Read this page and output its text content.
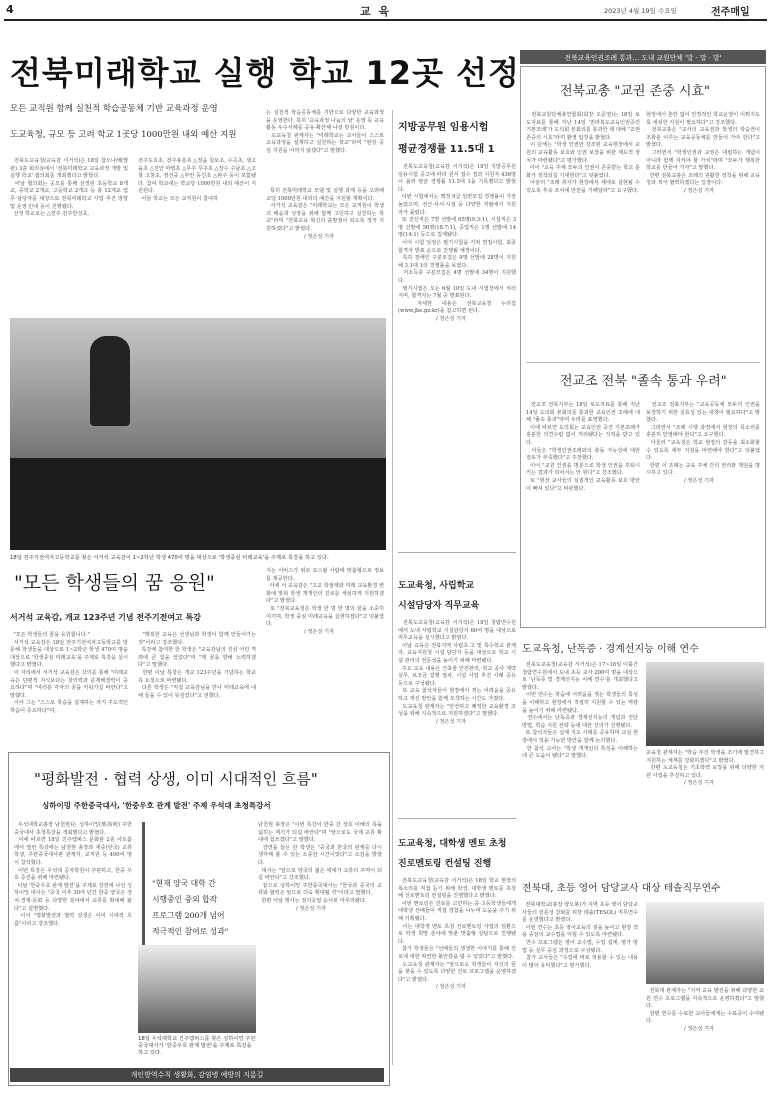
4	교 육	2023년 4월 19일 수요일	전주매일
전북미래학교 실행 학교 12곳 선정
모든 교직원 함께 실천적 학습공동체 기반 교육과정 운영
도교육청, 규모 등 고려 학교 1곳당 1000만원 내외 예산 지원
전북도교육청(교육감 서거석)은 18일 참으나래(별관) 3층 회의실에서 '전북미래학교 교육과정 개발 및 실행 학교' 협의회를 개최했다고 밝혔다.
이날 협의회는 공모를 통해 선정된 초등학교 8개교, 중학교 2개교, 고등학교 2개교 등 총 12개교 업무 담당자를 대상으로 전북미래학교 사업 추진 방향 및 운영 안내 등이 진행됐다.
선정 학교로는 △전주 전주반성초,
전주도호초, 전주용흥초 △정읍 칠보초, 수곡초, 샘고을초 △진안 마령초 △무주 무주초 △장수 수남초 △고창 고창초, 영선중 △부안 동진초 △완주 등이 포함됐다. 참여 학교에는 학교당 1000만원 내외 예산이 지원된다.
이들 학교는 모든 교직원이 참여하
는 실천적 학습공동체를 기반으로 다양한 교육과정을 운영한다. 특히 '교육과정 나눔의 날' 운영 등 교육활동 우수사례를 공유·확산해 나갈 방침이다.
도교육청 관계자는 "미래학교는 교사들이 스스로 교육과정을 설계하고 실천하는 학교"라며 "현장 중심 지원을 아끼지 않겠다"고 말했다.
특히 전북미래학교 모델 및 실행 과제 등을 고려해 교당 1000만원 내외의 예산을 지원할 계획이다.
서거석 교육감은 "미래학교는 모든 교직원이 학생의 배움과 성장을 위해 함께 고민하고 실천하는 학교"라며 "전북교육 혁신의 출발점이 되도록 적극 지원하겠다"고 밝혔다.
/ 정은성 기자
18일 전주기전여자고등학교를 찾은 서거석 교육감이 1~2학년 학생 470여 명을 대상으로 '학생중심 미래교육'을 주제로 특강을 하고 있다.
"모든 학생들의 꿈 응원"
서거석 교육감, 개교 123주년 기념 전주기전여고 특강
"모든 학생들의 꿈을 응원합니다."
서거석 교육감은 18일 전주기전여자고등학교를 방문해 학생들을 대상으로 1~2학년 학생 470여 명을 대상으로 '학생중심 미래교육'을 주제로 특강을 실시했다고 밝혔다.
이 자리에서 서거석 교육감은 강의를 통해 "미래교육은 단편적 지식보다는 창의력과 문제해결력이 중요하다"며 "여러분 각자의 꿈을 키워가길 바란다"고 말했다.
이어 그는 "스스로 학습을 설계하는 자기 주도적인 학습이 중요하다"며,
"행복한 교육은 선생님과 학생이 함께 만들어가는 것"이라고 강조했다.
특강에 참여한 한 학생은 "교육감님의 진심 어린 격려에 큰 힘을 얻었다"며 "제 꿈을 향해 노력하겠다"고 말했다.
한편 이날 특강은 개교 123주년을 기념하는 학교 측 요청으로 마련됐다.
다른 학생은 "직접 교육감님을 만나 미래교육에 대해 들을 수 있어 뜻깊었다"고 전했다.
지는 서비스가 위로 로스될 사람에 맞춤형으로 정보를 제공한다.
이에 서 교육감은 "고교 학점제와 미래 교육환경 변화에 맞춰 학생 개개인의 진로를 세심하게 지원하겠다"고 밝혔다.
또 "전북교육청은 학생 한 명 한 명의 꿈을 소중히 여기며, 학생 중심 미래교육을 실현하겠다"고 덧붙였다.
/ 정은성 기자
"평화발전 · 협력 상생, 이미 시대적인 흐름"
싱하이밍 주한중국대사, '한중우호 관계 발전' 주제 우석대 초청특강서
우석대학교총장 남천현)는 싱하이밍(邢海明) 주한중국대사 초청특강을 개최했다고 밝혔다.
이에 따르면 18일 진주캠퍼스 문화관 2층 아트홀에서 열린 특강에는 남천현 총장과 재중(한국) 교류학생, 주한중국대사관 관계자, 교직원 등 400여 명이 참석했다.
이번 특강은 우석대 공자학원이 주관하고, 한중 우호 증진을 위해 마련됐다.
이날 '한중우호 관계 발전'을 주제로 강연에 나선 싱하이밍 대사는 "중국 이후 30여 년간 한중 양국은 정치·경제·문화 등 다양한 분야에서 교류를 확대해 왔다"고 설명했다.
이어 "평화발전과 협력 상생은 이미 시대적 흐름"이라고 강조했다.
"현재 양국 대학 간
시행중인 중외 합작
프로그램 200개 넘어
적극적인 참여로 성과"
남천현 총장은 "이번 특강이 한중 간 상호 이해의 폭을 넓히는 계기가 되길 바란다"며 "앞으로도 국제 교류 확대에 힘쓰겠다"고 말했다.
강연을 들은 한 학생은 "중국과 한국의 관계를 다시 생각해 볼 수 있는 소중한 시간이었다"고 소감을 밝혔다.
대사는 "앞으로 양국의 젊은 세대가 교류의 주역이 되길 바란다"고 강조했다.
끝으로 싱하이밍 주한중국대사는 "한국과 중국의 교류와 협력은 앞으로 더욱 확대될 것"이라고 말했다.
한편 이날 행사는 질의응답 순서로 마무리됐다.
/ 정은성 기자
18일 우석대학교 진주캠퍼스를 찾은 싱하이밍 주한중국대사가 '한중우호 관계 발전'을 주제로 특강을 하고 있다.
개인방역수칙 생활화, 감염병 예방의 지름길
지방공무원 임용시험
평균경쟁률 11.5대 1
전북도교육청(교육감 서거석)은 18일 지방공무원 임용시험 공고에 따라 원서 접수 결과 지원자 436명이 몰려 평균 경쟁률 11.5대 1을 기록했다고 밝혔다.
이번 시험에서는 행정 9급 일반모집 경쟁률이 가장 높았으며, 전산·사서·시설 등 다양한 직렬에서 지원자가 몰렸다.
또 전산직은 7명 선발에 65명(9.3:1), 시설직은 3명 선발에 56명(18.7:1), 공업직은 1명 선발에 14명(14:1) 등으로 집계됐다.
이어 시험 일정은 필기시험을 거쳐 면접시험, 최종 합격자 발표 순으로 진행될 예정이다.
특히 장애인 구분모집은 9명 선발에 28명이 지원해 3.1대 1의 경쟁률을 보였다.
저소득층 구분모집은 4명 선발에 34명이 지원했다.
필기시험은 오는 6월 10일 도내 시험장에서 치러지며, 합격자는 7월 중 발표된다.
자세한 내용은 전북교육청 누리집(www.jbe.go.kr)을 참고하면 된다.
/ 정은성 기자
도교육청, 사립학교
시설담당자 직무교육
전북도교육청(교육감 서거석)은 18일 청람연수원에서 도내 사립학교 시설담당자 60여 명을 대상으로 직무교육을 실시했다고 밝혔다.
이날 교육은 전북지역 사립초·고 및 특수학교 관계자, 교육지원청 시설 담당자 등을 대상으로 학교 시설 관리의 전문성을 높이기 위해 마련됐다.
주요 교육 내용은 건축물 안전관리, 학교 공사 계약 실무, 보조금 집행 절차, 시설 사업 추진 사례 공유 등으로 구성됐다.
또 교육 참석자들이 현장에서 겪는 어려움을 공유하고 개선 방안을 함께 모색하는 시간도 가졌다.
도교육청 관계자는 "안전하고 쾌적한 교육환경 조성을 위해 지속적으로 지원하겠다"고 말했다.
/ 정은성 기자
도교육청, 대학생 멘토 초청
진로멘토링 컨설팅 진행
전북도교육청(교육감 서거석)은 18일 학교 현장의 목소리를 직접 듣기 위해 학생, 대학생 멘토를 초청해 진로멘토링 컨설팅을 진행했다고 밝혔다.
이번 멘토링은 진로를 고민하는 중·고등학생들에게 대학생 선배들이 직접 경험을 나누며 도움을 주기 위해 기획됐다.
이는 대학생 멘토 초청 진로멘토링 사업의 일환으로 학생 희망 분야에 맞춘 맞춤형 상담으로 진행됐다.
참가 학생들은 "선배들의 생생한 이야기를 통해 진로에 대한 막연한 불안감을 덜 수 있었다"고 말했다.
도교육청 관계자는 "앞으로도 학생들이 자신의 꿈을 찾을 수 있도록 다양한 진로 프로그램을 운영하겠다"고 밝혔다.
/ 정은성 기자
전북교육인권조례 통과… 도내 교원단체 '말 · 말 · 말'
전북교총 "교권 존중 시효"
전북교원단체총연합회(회장 오준영)는 18일 보도자료를 통해 지난 14일 '전라북도교육인권증진 기본조례'가 도의회 본회의를 통과한 데 대해 "교권 존중의 시효"라며 환영 입장을 밝혔다.
이 단체는 "학생 인권만 강조된 교육현장에서 교원의 교육활동 보호와 인권 보장을 위한 제도적 장치가 마련됐다"고 평가했다.
이어 "교육 주체 모두의 인권이 존중받는 학교 문화가 정착되길 기대한다"고 덧붙였다.
아울러 "조례 취지가 현장에서 제대로 실현될 수 있도록 후속 조치에 만전을 기해달라"고 요구했다.
현장에서 혼란 없이 안정적인 학교운영이 이뤄지도록 세심한 지원이 필요하다"고 강조했다.
전북교총은 "교사의 교육권과 학생의 학습권이 조화를 이루는 교육공동체를 만들어 가야 한다"고 밝혔다.
그러면서 "학생인권과 교권은 대립하는 개념이 아니라 함께 지켜야 할 가치"라며 "모두가 행복한 학교를 만들어 가자"고 말했다.
한편 전북교총은 조례의 원활한 정착을 위해 교육청과 적극 협력하겠다는 입장이다.
/ 정은성 기자
전교조 전북 "졸속 통과 우려"
전교조 전북지부는 18일 보도자료를 통해 지난 14일 도의회 본회의를 통과한 교육인권 조례에 대해 "졸속 통과"라며 우려를 표명했다.
이에 따르면 도의회는 교육인권 증진 기본조례가 충분한 의견수렴 없이 처리됐다는 지적을 받고 있다.
이들은 "학생인권조례와의 충돌 가능성에 대한 검토가 부족했다"고 주장했다.
이어 "교원 인권을 명분으로 학생 인권을 후퇴시키는 결과가 되어서는 안 된다"고 강조했다.
또 "현장 교사들의 실질적인 교육활동 보호 방안이 빠져 있다"고 비판했다.
전교조 전북지부는 "교육공동체 모두의 인권을 보장하기 위한 실효성 있는 대책이 필요하다"고 밝혔다.
그러면서 "조례 시행 과정에서 현장의 목소리를 충분히 반영해야 한다"고 요구했다.
아울러 "교육청은 학교 현장의 갈등을 최소화할 수 있도록 세부 지침을 마련해야 한다"고 덧붙였다.
한편 이 조례는 교육 주체 간의 권리와 책임을 명시하고 있다.
/ 정은성 기자
도교육청, 난독증 · 경계선지능 이해 연수
전북도교육청(교육감 서거석)은 17~18일 이틀간 청람연수원에서 도내 초등 교사 200여 명을 대상으로 '난독증 및 경계선지능 이해 연수'를 개최했다고 밝혔다.
이번 연수는 학습에 어려움을 겪는 학생들의 특성을 이해하고 현장에서 적절히 지원할 수 있는 역량을 높이기 위해 마련됐다.
연수에서는 난독증과 경계선지능의 개념과 진단 방법, 학습 지원 전략 등에 대한 강의가 진행됐다.
또 참석자들은 실제 지도 사례를 공유하며 교실 현장에서 적용 가능한 방안을 함께 논의했다.
한 참석 교사는 "학생 개개인의 특성을 이해하는 데 큰 도움이 됐다"고 말했다.
교육청 관계자는 "학습 부진 학생을 조기에 발견하고 지원하는 체계를 강화하겠다"고 밝혔다.
한편 도교육청은 기초학력 보장을 위해 다양한 지원 사업을 추진하고 있다.
/ 정은성 기자
전북대, 초등 영어 담당교사 대상 테솔직무연수
전북대학교(총장 양오봉)가 지역 초등 영어 담당교사들의 전문성 강화를 위한 테솔(TESOL) 직무연수를 운영했다고 밝혔다.
이번 연수는 초등 영어교육의 질을 높이고 현장 적용 중심의 교수법을 익힐 수 있도록 마련됐다.
연수 프로그램은 영어 교수법, 수업 설계, 평가 방법 등 실무 중심 과정으로 구성됐다.
참가 교사들은 "수업에 바로 적용할 수 있는 내용이 많아 유익했다"고 평가했다.
전북대 관계자는 "지역 교육 발전을 위해 다양한 교원 연수 프로그램을 지속적으로 운영하겠다"고 말했다.
한편 연수를 수료한 교사들에게는 수료증이 수여됐다.
/ 정은성 기자
